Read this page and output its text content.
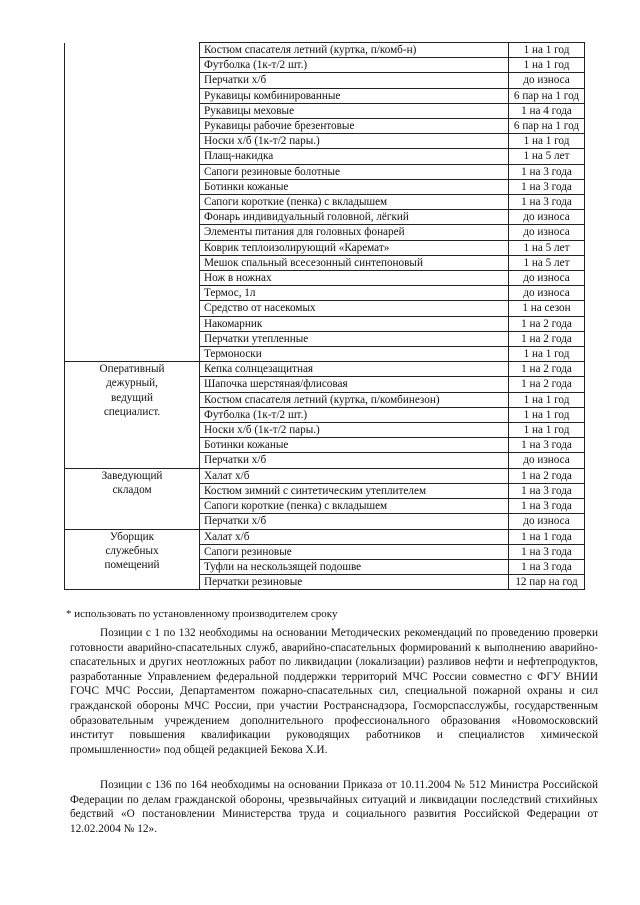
	Костюм спасателя летний (куртка, п/комб-н)	1 на 1 год
	Футболка (1к-т/2 шт.)	1 на 1 год
	Перчатки х/б	до износа
	Рукавицы комбинированные	6 пар на 1 год
	Рукавицы меховые	1 на 4 года
	Рукавицы рабочие брезентовые	6 пар на 1 год
	Носки х/б (1к-т/2 пары.)	1 на 1 год
	Плащ-накидка	1 на 5 лет
	Сапоги резиновые болотные	1 на 3 года
	Ботинки кожаные	1 на 3 года
	Сапоги короткие (пенка) с вкладышем	1 на 3 года
	Фонарь индивидуальный головной, лёгкий	до износа
	Элементы питания для головных фонарей	до износа
	Коврик теплоизолирующий «Каремат»	1 на 5 лет
	Мешок спальный всесезонный синтепоновый	1 на 5 лет
	Нож в ножнах	до износа
	Термос, 1л	до износа
	Средство от насекомых	1 на сезон
	Накомарник	1 на 2 года
	Перчатки утепленные	1 на 2 года
	Термоноски	1 на 1 год

Оперативный
дежурный,
ведущий
специалист.	Кепка солнцезащитная	1 на 2 года
	Шапочка шерстяная/флисовая	1 на 2 года
	Костюм спасателя летний (куртка, п/комбинезон)	1 на 1 год
	Футболка (1к-т/2 шт.)	1 на 1 год
	Носки х/б (1к-т/2 пары.)	1 на 1 год
	Ботинки кожаные	1 на 3 года
	Перчатки х/б	до износа

Заведующий
складом	Халат х/б	1 на 2 года
	Костюм зимний с синтетическим утеплителем	1 на 3 года
	Сапоги короткие (пенка) с вкладышем	1 на 3 года
	Перчатки х/б	до износа

Уборщик
служебных
помещений	Халат х/б	1 на 1 года
	Сапоги резиновые	1 на 3 года
	Туфли на нескользящей подошве	1 на 3 года
	Перчатки резиновые	12 пар на год
* использовать по установленному производителем сроку
Позиции с 1 по 132 необходимы на основании Методических рекомендаций по проведению проверки готовности аварийно-спасательных служб, аварийно-спасательных формирований к выполнению аварийно-спасательных и других неотложных работ по ликвидации (локализации) разливов нефти и нефтепродуктов, разработанные Управлением федеральной поддержки территорий МЧС России совместно с ФГУ ВНИИ ГОЧС МЧС России, Департаментом пожарно-спасательных сил, специальной пожарной охраны и сил гражданской обороны МЧС России, при участии Ространснадзора, Госморспасслужбы, государственным образовательным учреждением дополнительного профессионального образования «Новомосковский институт повышения квалификации руководящих работников и специалистов химической промышленности» под общей редакцией Бекова Х.И.
Позиции с 136 по 164 необходимы на основании Приказа от 10.11.2004 № 512 Министра Российской Федерации по делам гражданской обороны, чрезвычайных ситуаций и ликвидации последствий стихийных бедствий «О постановлении Министерства труда и социального развития Российской Федерации от 12.02.2004 № 12».
